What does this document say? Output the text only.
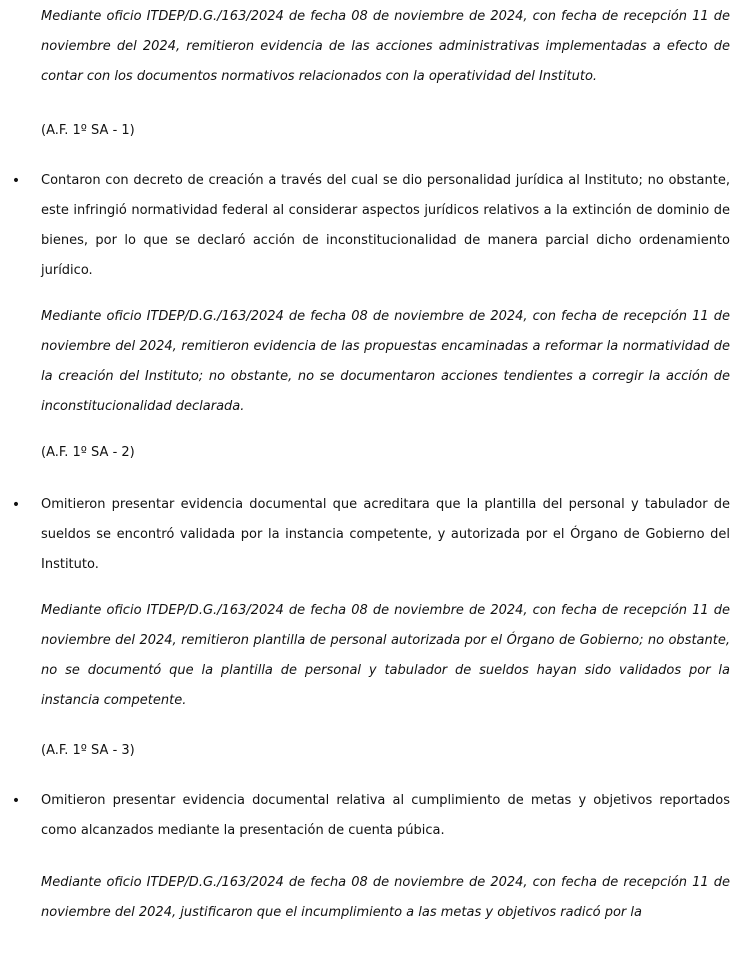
Mediante oficio ITDEP/D.G./163/2024 de fecha 08 de noviembre de 2024, con fecha de recepción 11 de noviembre del 2024, remitieron evidencia de las acciones administrativas implementadas a efecto de contar con los documentos normativos relacionados con la operatividad del Instituto.

(A.F. 1º SA - 1)

• Contaron con decreto de creación a través del cual se dio personalidad jurídica al Instituto; no obstante, este infringió normatividad federal al considerar aspectos jurídicos relativos a la extinción de dominio de bienes, por lo que se declaró acción de inconstitucionalidad de manera parcial dicho ordenamiento jurídico.

Mediante oficio ITDEP/D.G./163/2024 de fecha 08 de noviembre de 2024, con fecha de recepción 11 de noviembre del 2024, remitieron evidencia de las propuestas encaminadas a reformar la normatividad de la creación del Instituto; no obstante, no se documentaron acciones tendientes a corregir la acción de inconstitucionalidad declarada.

(A.F. 1º SA - 2)

• Omitieron presentar evidencia documental que acreditara que la plantilla del personal y tabulador de sueldos se encontró validada por la instancia competente, y autorizada por el Órgano de Gobierno del Instituto.

Mediante oficio ITDEP/D.G./163/2024 de fecha 08 de noviembre de 2024, con fecha de recepción 11 de noviembre del 2024, remitieron plantilla de personal autorizada por el Órgano de Gobierno; no obstante, no se documentó que la plantilla de personal y tabulador de sueldos hayan sido validados por la instancia competente.

(A.F. 1º SA - 3)

• Omitieron presentar evidencia documental relativa al cumplimiento de metas y objetivos reportados como alcanzados mediante la presentación de cuenta púbica.

Mediante oficio ITDEP/D.G./163/2024 de fecha 08 de noviembre de 2024, con fecha de recepción 11 de noviembre del 2024, justificaron que el incumplimiento a las metas y objetivos radicó por la
